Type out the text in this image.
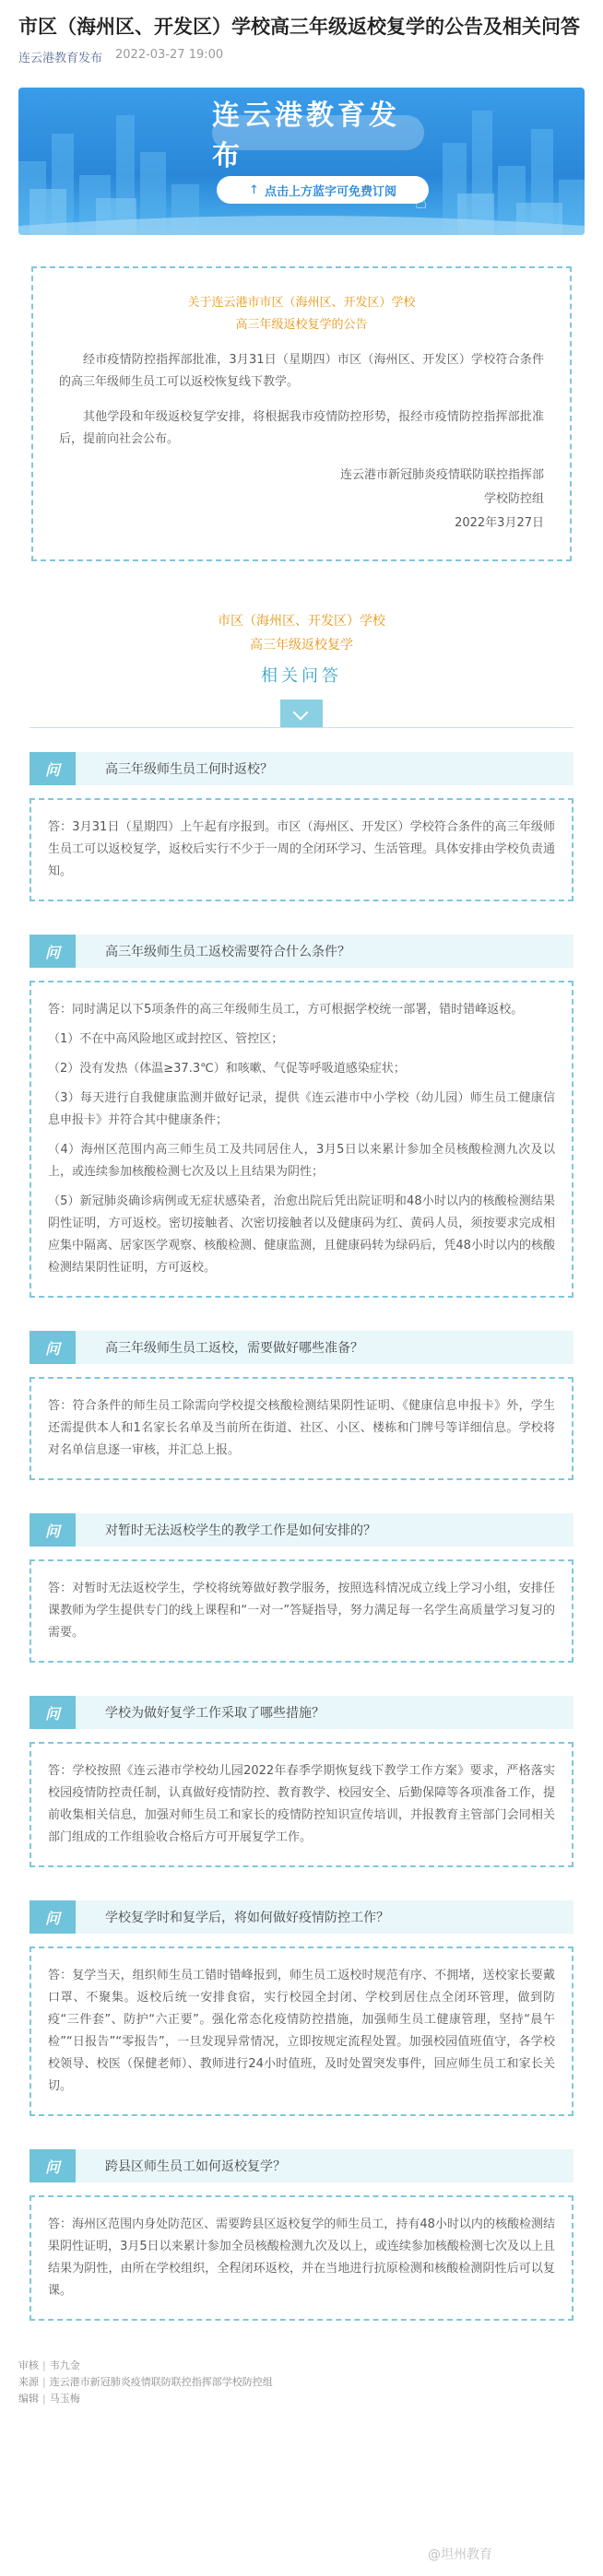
市区（海州区、开发区）学校高三年级返校复学的公告及相关问答
连云港教育发布 2022-03-27 19:00
连云港教育发布
↑ 点击上方蓝字可免费订阅 ☝
关于连云港市市区（海州区、开发区）学校
高三年级返校复学的公告

经市疫情防控指挥部批准，3月31日（星期四）市区（海州区、开发区）学校符合条件的高三年级师生员工可以返校恢复线下教学。

其他学段和年级返校复学安排，将根据我市疫情防控形势，报经市疫情防控指挥部批准后，提前向社会公布。

连云港市新冠肺炎疫情联防联控指挥部
学校防控组
2022年3月27日
市区（海州区、开发区）学校
高三年级返校复学
相关问答
问	高三年级师生员工何时返校？

答：3月31日（星期四）上午起有序报到。市区（海州区、开发区）学校符合条件的高三年级师生员工可以返校复学，返校后实行不少于一周的全闭环学习、生活管理。具体安排由学校负责通知。

问	高三年级师生员工返校需要符合什么条件？

答：同时满足以下5项条件的高三年级师生员工，方可根据学校统一部署，错时错峰返校。

（1）不在中高风险地区或封控区、管控区；

（2）没有发热（体温≥37.3℃）和咳嗽、气促等呼吸道感染症状；

（3）每天进行自我健康监测并做好记录，提供《连云港市中小学校（幼儿园）师生员工健康信息申报卡》并符合其中健康条件；

（4）海州区范围内高三师生员工及共同居住人，3月5日以来累计参加全员核酸检测九次及以上，或连续参加核酸检测七次及以上且结果为阴性；

（5）新冠肺炎确诊病例或无症状感染者，治愈出院后凭出院证明和48小时以内的核酸检测结果阴性证明，方可返校。密切接触者、次密切接触者以及健康码为红、黄码人员，须按要求完成相应集中隔离、居家医学观察、核酸检测、健康监测，且健康码转为绿码后，凭48小时以内的核酸检测结果阴性证明，方可返校。

问	高三年级师生员工返校，需要做好哪些准备？

答：符合条件的师生员工除需向学校提交核酸检测结果阴性证明、《健康信息申报卡》外，学生还需提供本人和1名家长名单及当前所在街道、社区、小区、楼栋和门牌号等详细信息。学校将对名单信息逐一审核，并汇总上报。

问	对暂时无法返校学生的教学工作是如何安排的？

答：对暂时无法返校学生，学校将统筹做好教学服务，按照选科情况成立线上学习小组，安排任课教师为学生提供专门的线上课程和“一对一”答疑指导，努力满足每一名学生高质量学习复习的需要。

问	学校为做好复学工作采取了哪些措施？

答：学校按照《连云港市学校幼儿园2022年春季学期恢复线下教学工作方案》要求，严格落实校园疫情防控责任制，认真做好疫情防控、教育教学、校园安全、后勤保障等各项准备工作，提前收集相关信息，加强对师生员工和家长的疫情防控知识宣传培训，并报教育主管部门会同相关部门组成的工作组验收合格后方可开展复学工作。

问	学校复学时和复学后，将如何做好疫情防控工作？

答：复学当天，组织师生员工错时错峰报到，师生员工返校时规范有序、不拥堵，送校家长要戴口罩、不聚集。返校后统一安排食宿，实行校园全封闭、学校到居住点全闭环管理，做到防疫“三件套”、防护“六正要”。强化常态化疫情防控措施，加强师生员工健康管理，坚持“晨午检”“日报告”“零报告”，一旦发现异常情况，立即按规定流程处置。加强校园值班值守，各学校校领导、校医（保健老师）、教师进行24小时值班，及时处置突发事件，回应师生员工和家长关切。

问	跨县区师生员工如何返校复学？

答：海州区范围内身处防范区、需要跨县区返校复学的师生员工，持有48小时以内的核酸检测结果阴性证明，3月5日以来累计参加全员核酸检测九次及以上，或连续参加核酸检测七次及以上且结果为阴性，由所在学校组织，全程闭环返校，并在当地进行抗原检测和核酸检测阴性后可以复课。

审核 | 韦九金
来源 | 连云港市新冠肺炎疫情联防联控指挥部学校防控组
编辑 | 马玉梅
@坦州教育
